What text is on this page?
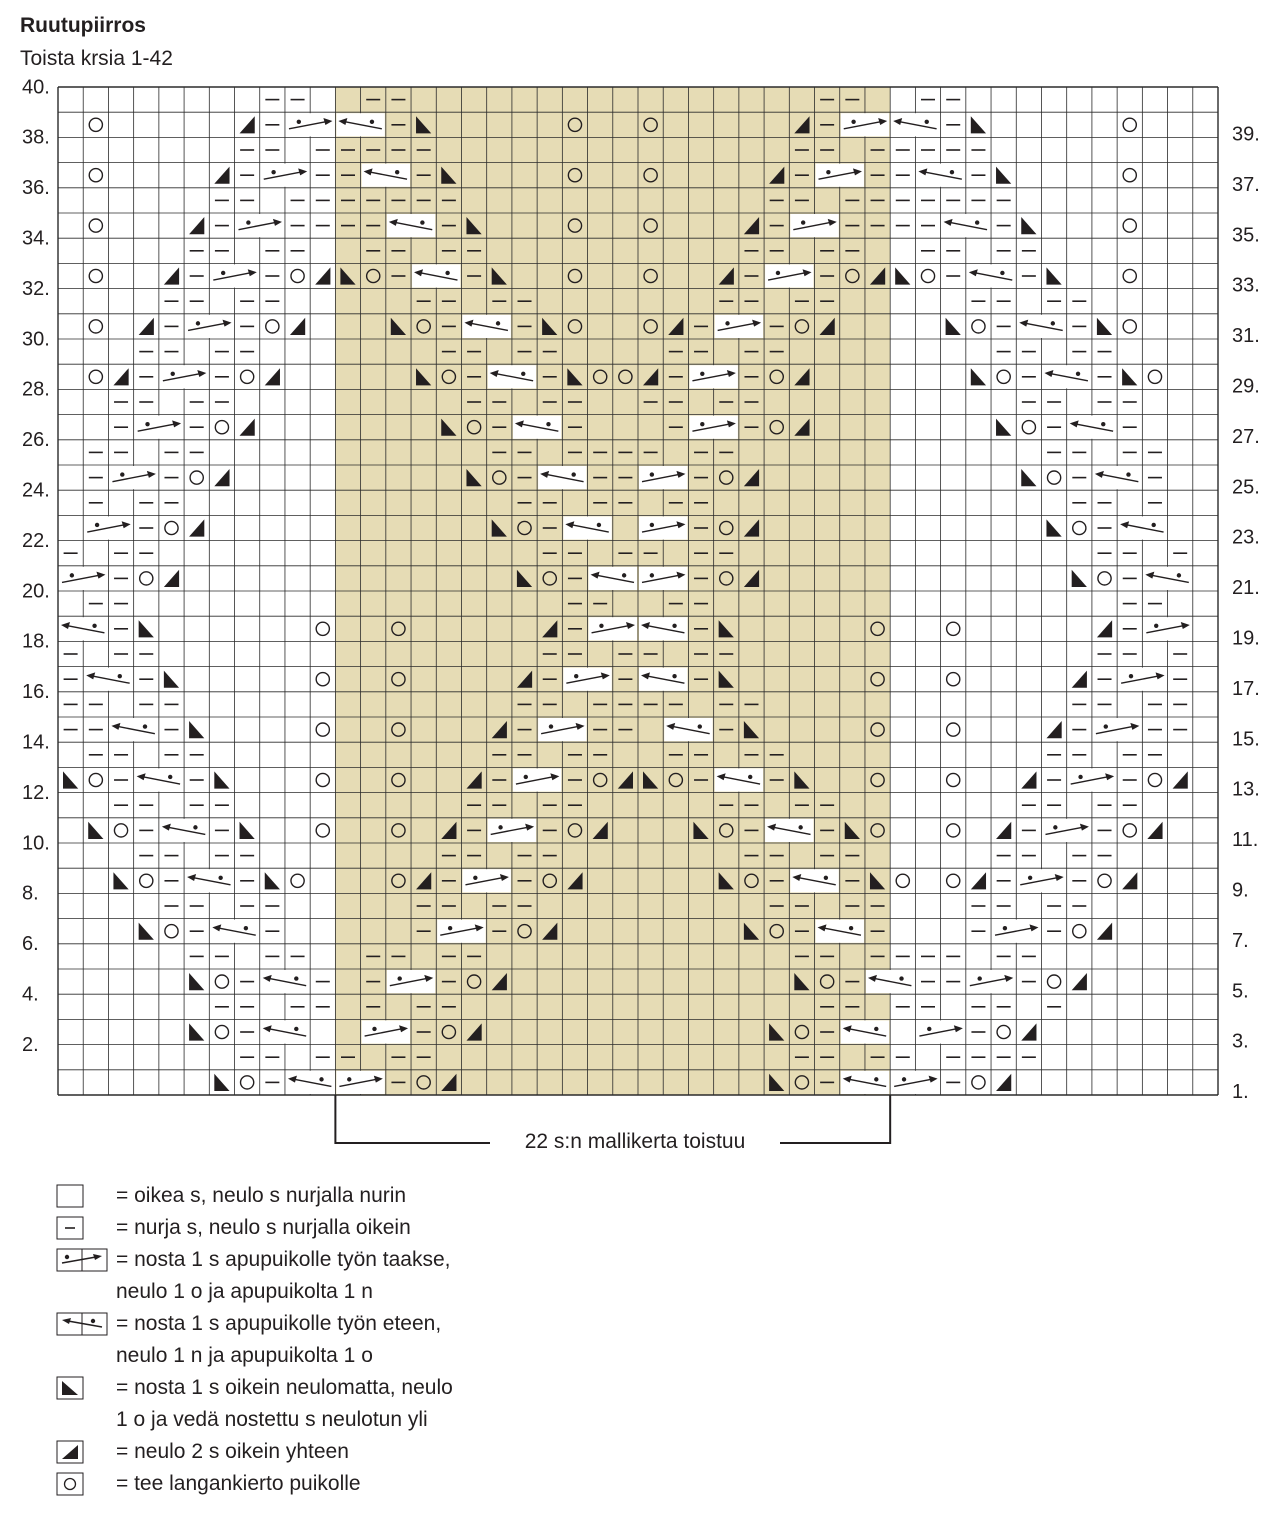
Ruutupiirros
Toista krsia 1-42
40.
38.
36.
34.
32.
30.
28.
26.
24.
22.
20.
18.
16.
14.
12.
10.
8.
6.
4.
2.
39.
37.
35.
33.
31.
29.
27.
25.
23.
21.
19.
17.
15.
13.
11.
9.
7.
5.
3.
1.
22 s:n mallikerta toistuu
= oikea s, neulo s nurjalla nurin
= nurja s, neulo s nurjalla oikein
= nosta 1 s apupuikolle työn taakse,
neulo 1 o ja apupuikolta 1 n
= nosta 1 s apupuikolle työn eteen,
neulo 1 n ja apupuikolta 1 o
= nosta 1 s oikein neulomatta, neulo
1 o ja vedä nostettu s neulotun yli
= neulo 2 s oikein yhteen
= tee langankierto puikolle
